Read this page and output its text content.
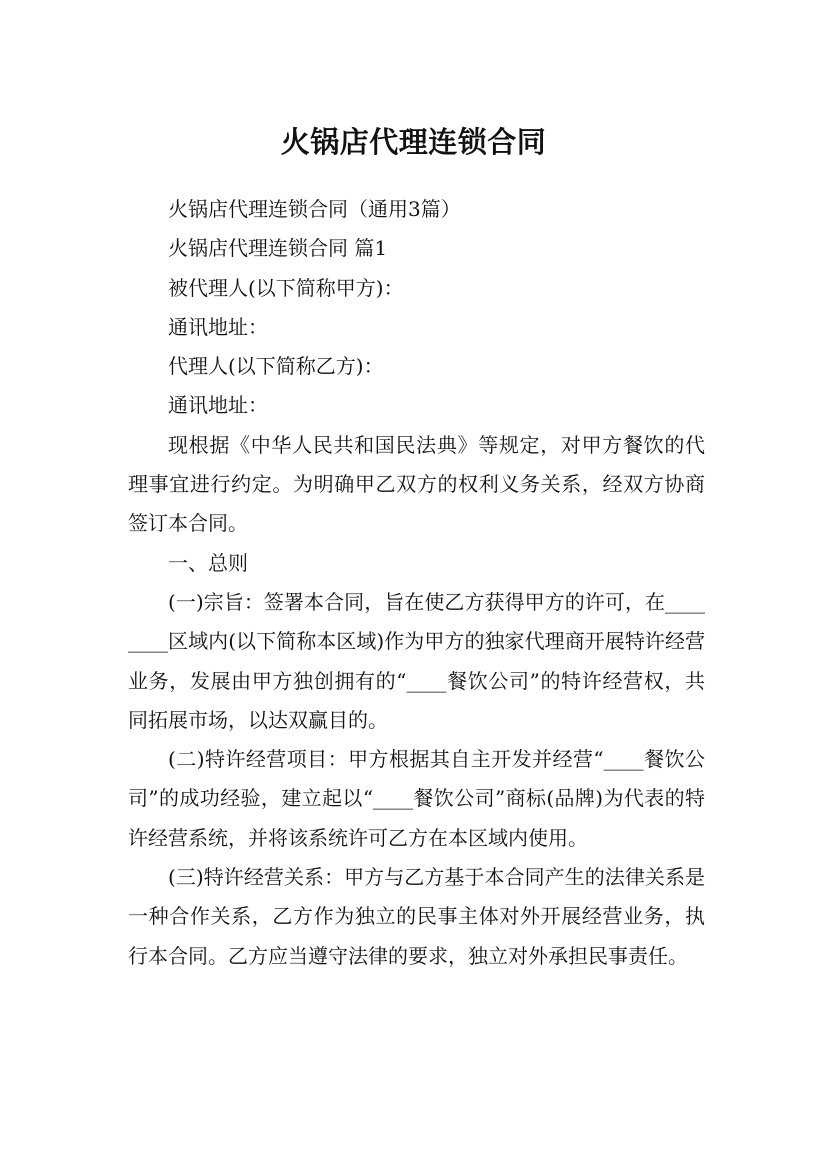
火锅店代理连锁合同

火锅店代理连锁合同（通用3篇）

火锅店代理连锁合同 篇1

被代理人(以下简称甲方)：

通讯地址：

代理人(以下简称乙方)：

通讯地址：

现根据《中华人民共和国民法典》等规定，对甲方餐饮的代理事宜进行约定。为明确甲乙双方的权利义务关系，经双方协商签订本合同。

一、总则

(一)宗旨：签署本合同，旨在使乙方获得甲方的许可，在________区域内(以下简称本区域)作为甲方的独家代理商开展特许经营业务，发展由甲方独创拥有的“____餐饮公司”的特许经营权，共同拓展市场，以达双赢目的。

(二)特许经营项目：甲方根据其自主开发并经营“____餐饮公司”的成功经验，建立起以“____餐饮公司”商标(品牌)为代表的特许经营系统，并将该系统许可乙方在本区域内使用。

(三)特许经营关系：甲方与乙方基于本合同产生的法律关系是一种合作关系，乙方作为独立的民事主体对外开展经营业务，执行本合同。乙方应当遵守法律的要求，独立对外承担民事责任。
